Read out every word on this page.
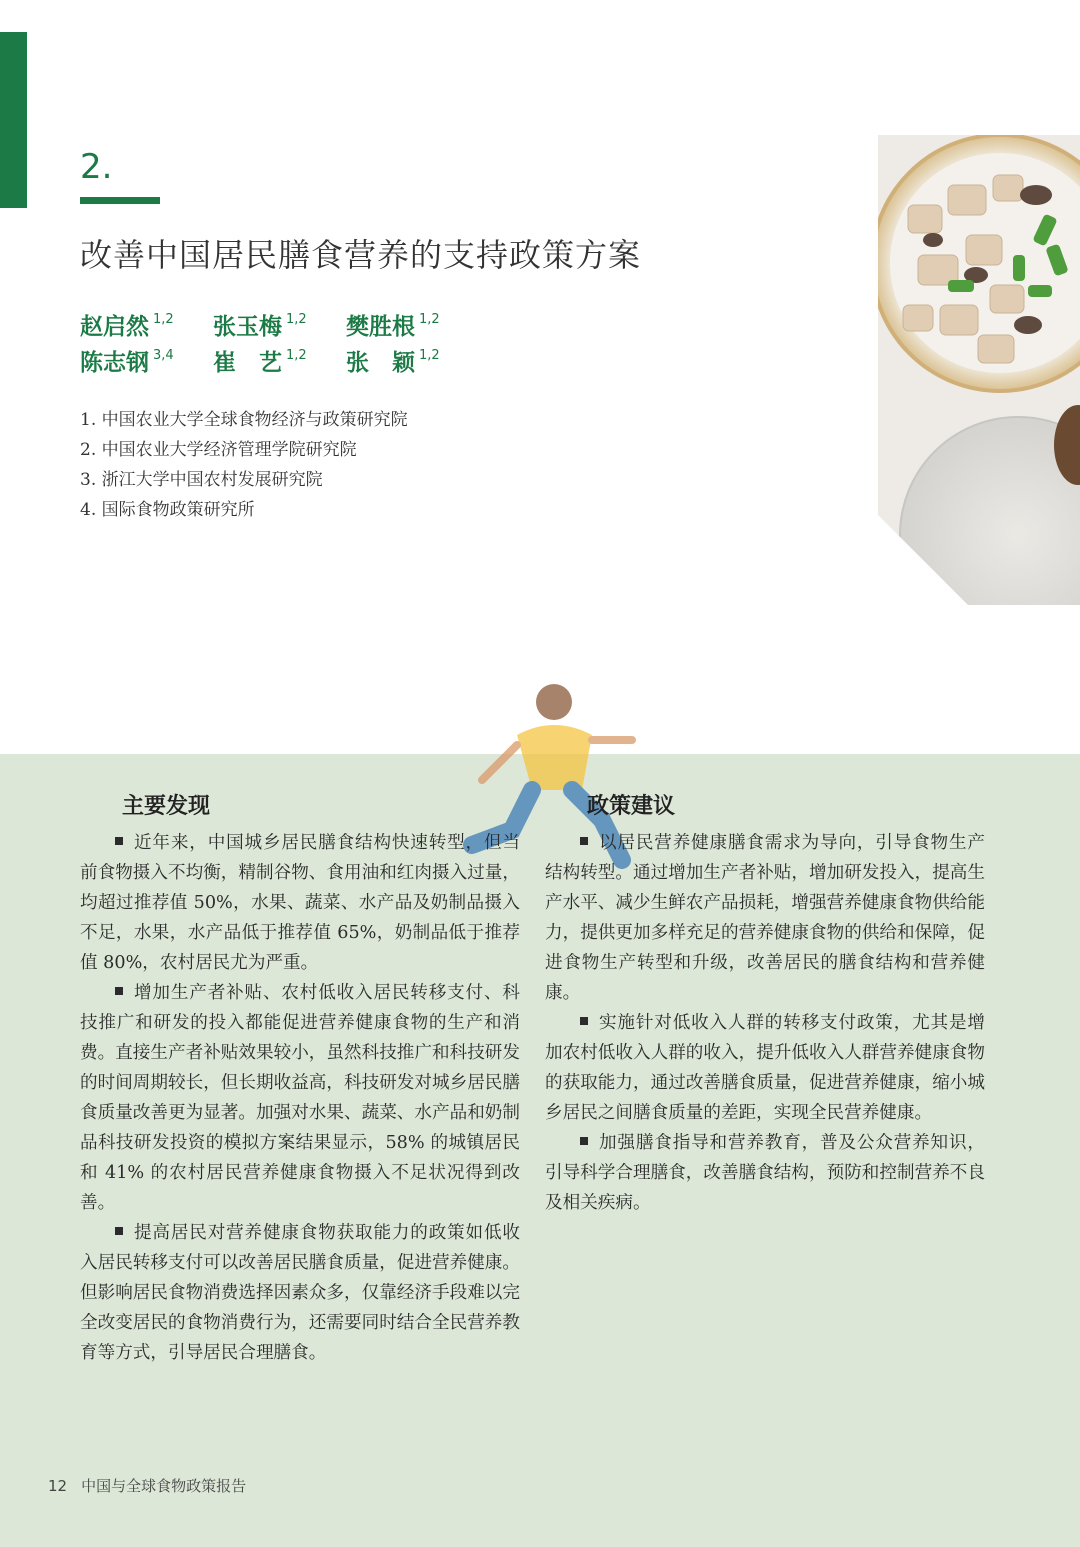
2.
改善中国居民膳食营养的支持政策方案
赵启然 $^{1,2}$	张玉梅 $^{1,2}$	樊胜根 $^{1,2}$
陈志钢 $^{3,4}$	崔　艺 $^{1,2}$	张　颖 $^{1,2}$
1. 中国农业大学全球食物经济与政策研究院
2. 中国农业大学经济管理学院研究院
3. 浙江大学中国农村发展研究院
4. 国际食物政策研究所
主要发现

近年来，中国城乡居民膳食结构快速转型，但当前食物摄入不均衡，精制谷物、食用油和红肉摄入过量，均超过推荐值 50%，水果、蔬菜、水产品及奶制品摄入不足，水果，水产品低于推荐值 65%，奶制品低于推荐值 80%，农村居民尤为严重。

增加生产者补贴、农村低收入居民转移支付、科技推广和研发的投入都能促进营养健康食物的生产和消费。直接生产者补贴效果较小，虽然科技推广和科技研发的时间周期较长，但长期收益高，科技研发对城乡居民膳食质量改善更为显著。加强对水果、蔬菜、水产品和奶制品科技研发投资的模拟方案结果显示，58% 的城镇居民和 41% 的农村居民营养健康食物摄入不足状况得到改善。

提高居民对营养健康食物获取能力的政策如低收入居民转移支付可以改善居民膳食质量，促进营养健康。但影响居民食物消费选择因素众多，仅靠经济手段难以完全改变居民的食物消费行为，还需要同时结合全民营养教育等方式，引导居民合理膳食。

政策建议

以居民营养健康膳食需求为导向，引导食物生产结构转型。通过增加生产者补贴，增加研发投入，提高生产水平、减少生鲜农产品损耗，增强营养健康食物供给能力，提供更加多样充足的营养健康食物的供给和保障，促进食物生产转型和升级，改善居民的膳食结构和营养健康。

实施针对低收入人群的转移支付政策，尤其是增加农村低收入人群的收入，提升低收入人群营养健康食物的获取能力，通过改善膳食质量，促进营养健康，缩小城乡居民之间膳食质量的差距，实现全民营养健康。

加强膳食指导和营养教育，普及公众营养知识，引导科学合理膳食，改善膳食结构，预防和控制营养不良及相关疾病。

12 中国与全球食物政策报告
